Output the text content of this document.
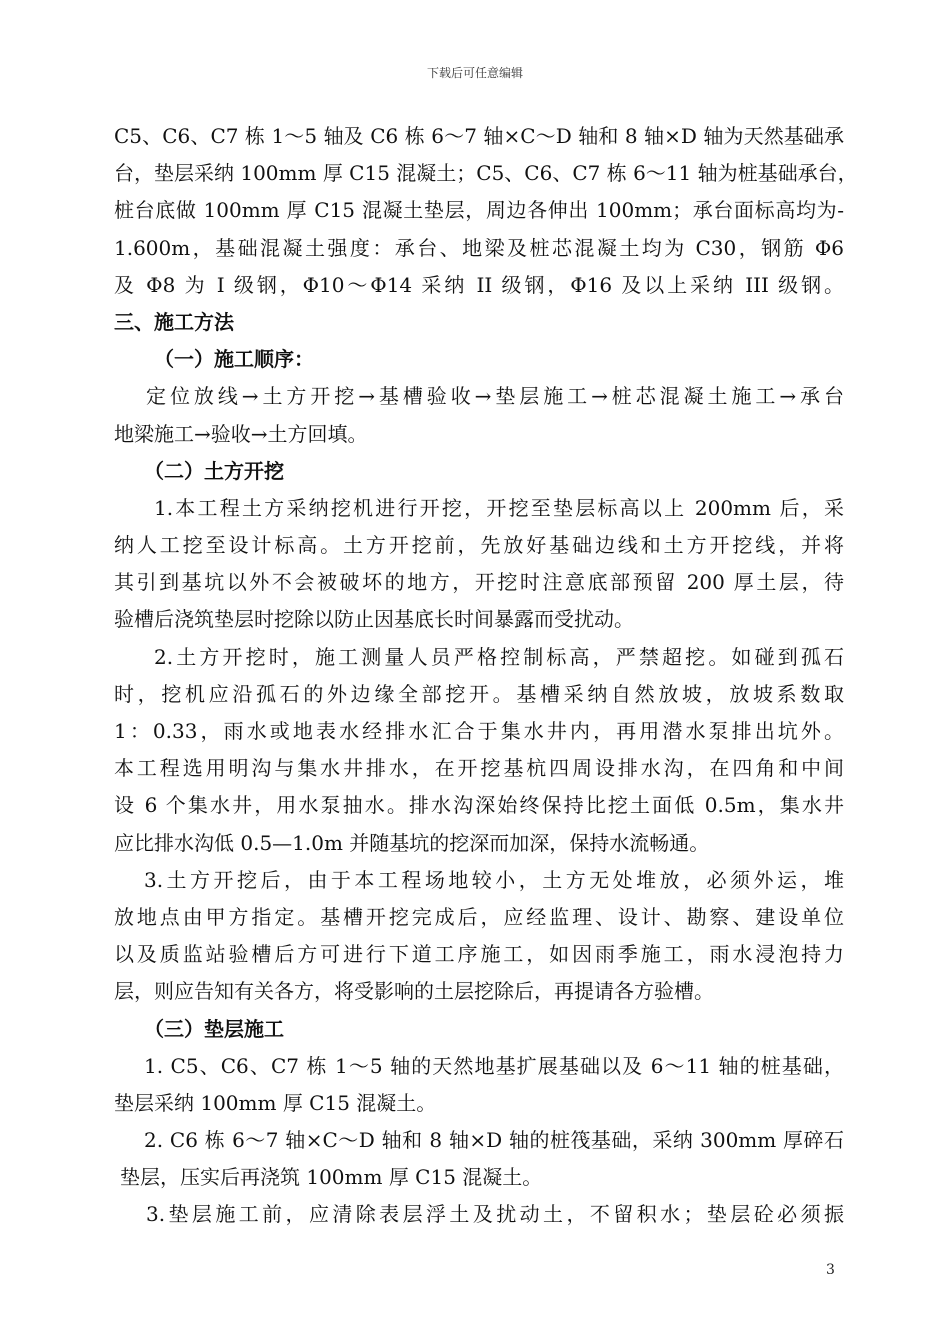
下载后可任意编辑
C5、C6、C7 栋 1～5 轴及 C6 栋 6～7 轴×C～D 轴和 8 轴×D 轴为天然基础承
台，垫层采纳 100mm 厚 C15 混凝土；C5、C6、C7 栋 6～11 轴为桩基础承台，
桩台底做 100mm 厚 C15 混凝土垫层，周边各伸出 100mm；承台面标高均为-
1.600m，基础混凝土强度：承台、地梁及桩芯混凝土均为 C30，钢筋 Φ6
及 Φ8 为 I 级钢，Φ10～Φ14 采纳 II 级钢，Φ16 及以上采纳 III 级钢。
三、施工方法
（一）施工顺序：
定位放线→土方开挖→基槽验收→垫层施工→桩芯混凝土施工→承台
地梁施工→验收→土方回填。
（二）土方开挖
1.本工程土方采纳挖机进行开挖，开挖至垫层标高以上 200mm 后，采
纳人工挖至设计标高。土方开挖前，先放好基础边线和土方开挖线，并将
其引到基坑以外不会被破坏的地方，开挖时注意底部预留 200 厚土层，待
验槽后浇筑垫层时挖除以防止因基底长时间暴露而受扰动。
2.土方开挖时，施工测量人员严格控制标高，严禁超挖。如碰到孤石
时，挖机应沿孤石的外边缘全部挖开。基槽采纳自然放坡，放坡系数取
1：0.33，雨水或地表水经排水汇合于集水井内，再用潜水泵排出坑外。
本工程选用明沟与集水井排水，在开挖基杭四周设排水沟，在四角和中间
设 6 个集水井，用水泵抽水。排水沟深始终保持比挖土面低 0.5m，集水井
应比排水沟低 0.5—1.0m 并随基坑的挖深而加深，保持水流畅通。
3.土方开挖后，由于本工程场地较小，土方无处堆放，必须外运，堆
放地点由甲方指定。基槽开挖完成后，应经监理、设计、勘察、建设单位
以及质监站验槽后方可进行下道工序施工，如因雨季施工，雨水浸泡持力
层，则应告知有关各方，将受影响的土层挖除后，再提请各方验槽。
（三）垫层施工
1. C5、C6、C7 栋 1～5 轴的天然地基扩展基础以及 6～11 轴的桩基础，
垫层采纳 100mm 厚 C15 混凝土。
2. C6 栋 6～7 轴×C～D 轴和 8 轴×D 轴的桩筏基础，采纳 300mm 厚碎石
垫层，压实后再浇筑 100mm 厚 C15 混凝土。
3.垫层施工前，应清除表层浮土及扰动土，不留积水；垫层砼必须振
3
